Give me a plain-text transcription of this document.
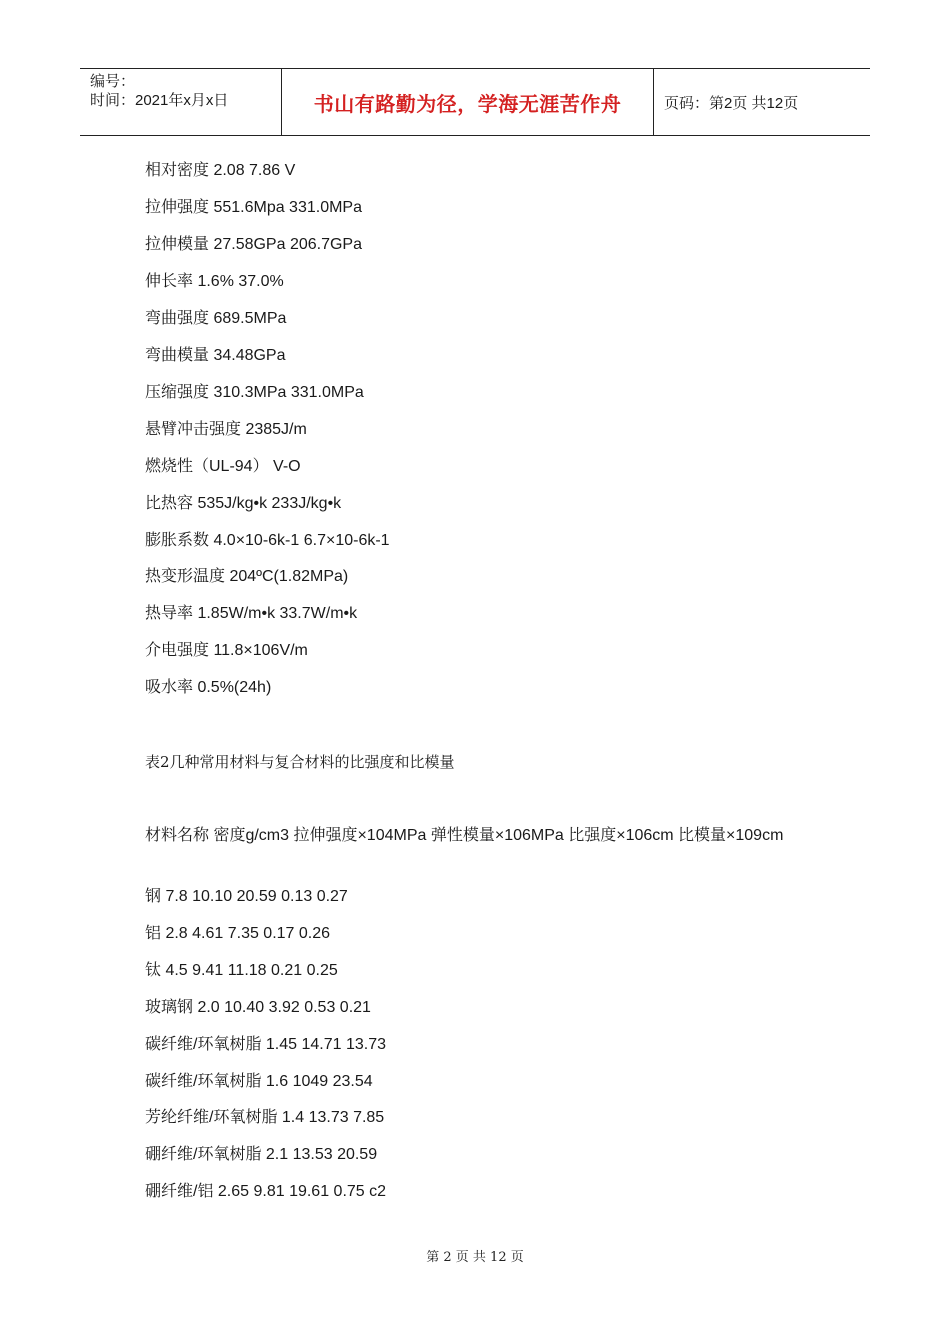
编号：
时间：2021年x月x日	书山有路勤为径，学海无涯苦作舟	页码：第2页 共12页
相对密度 2.08 7.86 V
拉伸强度 551.6Mpa 331.0MPa
拉伸模量 27.58GPa 206.7GPa
伸长率 1.6% 37.0%
弯曲强度 689.5MPa
弯曲模量 34.48GPa
压缩强度 310.3MPa 331.0MPa
悬臂冲击强度 2385J/m
燃烧性（UL-94） V-O
比热容 535J/kg•k 233J/kg•k
膨胀系数 4.0×10-6k-1 6.7×10-6k-1
热变形温度 204ºC(1.82MPa)
热导率 1.85W/m•k 33.7W/m•k
介电强度 11.8×106V/m
吸水率 0.5%(24h)
表2几种常用材料与复合材料的比强度和比模量
材料名称 密度g/cm3 拉伸强度×104MPa 弹性模量×106MPa 比强度×106cm 比模量×109cm
钢 7.8 10.10 20.59 0.13 0.27
铝 2.8 4.61 7.35 0.17 0.26
钛 4.5 9.41 11.18 0.21 0.25
玻璃钢 2.0 10.40 3.92 0.53 0.21
碳纤维/环氧树脂 1.45 14.71 13.73
碳纤维/环氧树脂 1.6 1049 23.54
芳纶纤维/环氧树脂 1.4 13.73 7.85
硼纤维/环氧树脂 2.1 13.53 20.59
硼纤维/铝 2.65 9.81 19.61 0.75 c2
第 2 页 共 12 页
